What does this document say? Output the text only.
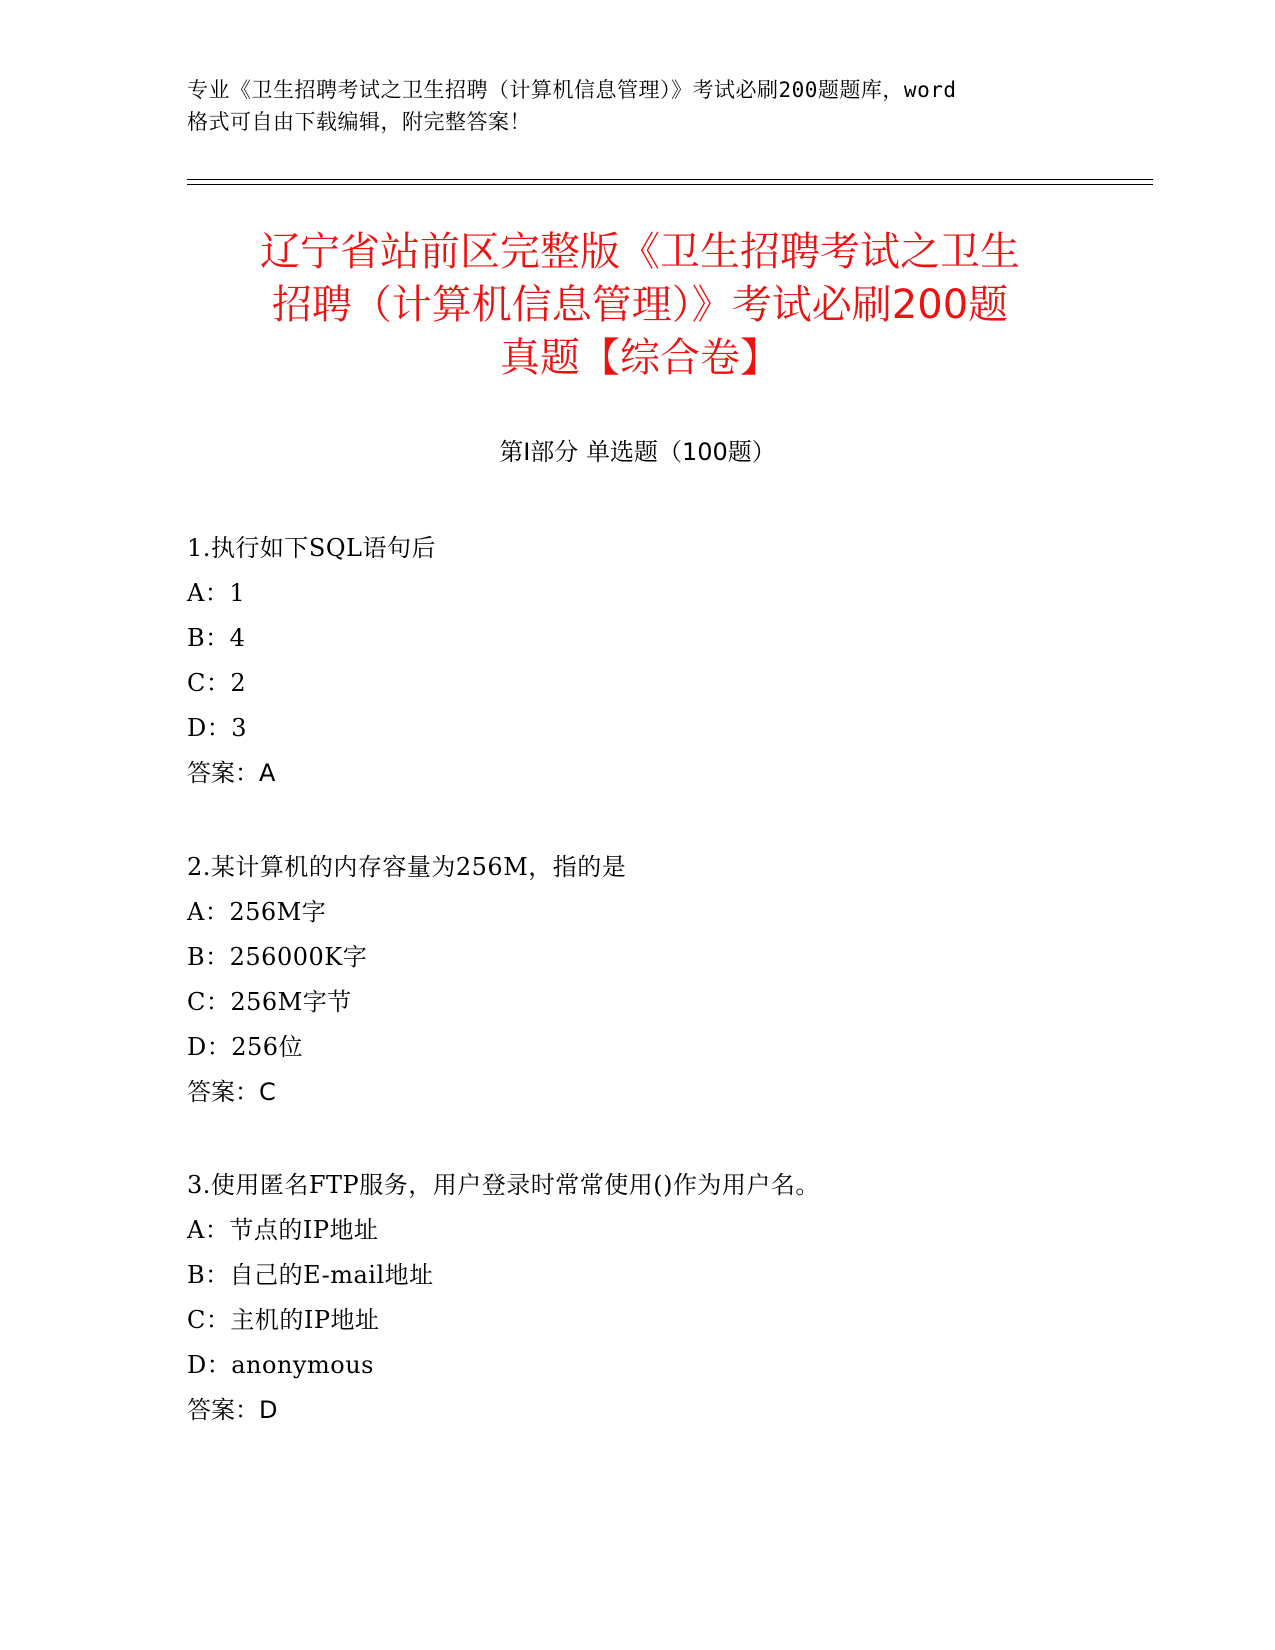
专业《卫生招聘考试之卫生招聘（计算机信息管理）》考试必刷200题题库，word
格式可自由下载编辑，附完整答案！
辽宁省站前区完整版《卫生招聘考试之卫生
招聘（计算机信息管理）》考试必刷200题
真题【综合卷】
第Ⅰ部分 单选题（100题）
1.执行如下SQL语句后
A：1
B：4
C：2
D：3
答案：A
2.某计算机的内存容量为256M，指的是
A：256M字
B：256000K字
C：256M字节
D：256位
答案：C
3.使用匿名FTP服务，用户登录时常常使用()作为用户名。
A：节点的IP地址
B：自己的E-mail地址
C：主机的IP地址
D：anonymous
答案：D
